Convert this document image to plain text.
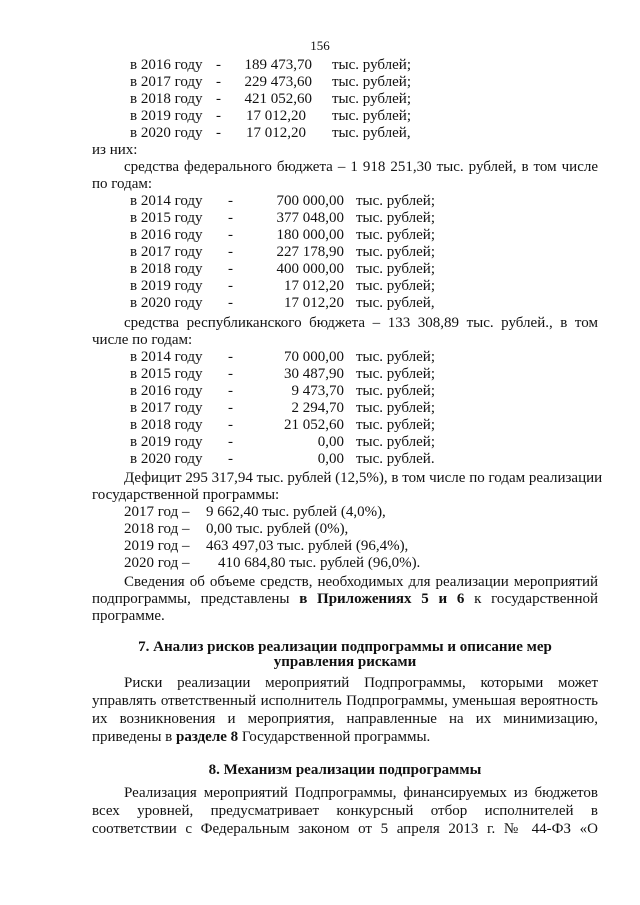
156
в 2016 году -	189 473,70 тыс. рублей;
в 2017 году -	229 473,60 тыс. рублей;
в 2018 году -	421 052,60 тыс. рублей;
в 2019 году - 17 012,20 тыс. рублей;
в 2020 году - 17 012,20 тыс. рублей,
из них:
средства федерального бюджета – 1 918 251,30 тыс. рублей, в том числе
по годам:
в 2014 году -	700 000,00 тыс. рублей;
в 2015 году -	377 048,00 тыс. рублей;
в 2016 году -	180 000,00 тыс. рублей;
в 2017 году -	227 178,90 тыс. рублей;
в 2018 году -	400 000,00 тыс. рублей;
в 2019 году -	17 012,20 тыс. рублей;
в 2020 году -	17 012,20 тыс. рублей,
средства республиканского бюджета – 133 308,89 тыс. рублей., в том
числе по годам:
в 2014 году -	70 000,00 тыс. рублей;
в 2015 году -	30 487,90 тыс. рублей;
в 2016 году -	9 473,70 тыс. рублей;
в 2017 году -	2 294,70 тыс. рублей;
в 2018 году -	21 052,60 тыс. рублей;
в 2019 году -	0,00 тыс. рублей;
в 2020 году -	0,00 тыс. рублей.
Дефицит 295 317,94 тыс. рублей (12,5%), в том числе по годам реализации
государственной программы:
2017 год – 9 662,40 тыс. рублей (4,0%),
2018 год – 0,00 тыс. рублей (0%),
2019 год – 463 497,03 тыс. рублей (96,4%),
2020 год – 410 684,80 тыс. рублей (96,0%).
Сведения об объеме средств, необходимых для реализации мероприятий
подпрограммы, представлены в Приложениях 5 и 6 к государственной
программе.
7. Анализ рисков реализации подпрограммы и описание мер
управления рисками
Риски реализации мероприятий Подпрограммы, которыми может
управлять ответственный исполнитель Подпрограммы, уменьшая вероятность
их возникновения и мероприятия, направленные на их минимизацию,
приведены в разделе 8 Государственной программы.
8. Механизм реализации подпрограммы
Реализация мероприятий Подпрограммы, финансируемых из бюджетов
всех уровней, предусматривает конкурсный отбор исполнителей в
соответствии с Федеральным законом от 5 апреля 2013 г. № 44-ФЗ «О
